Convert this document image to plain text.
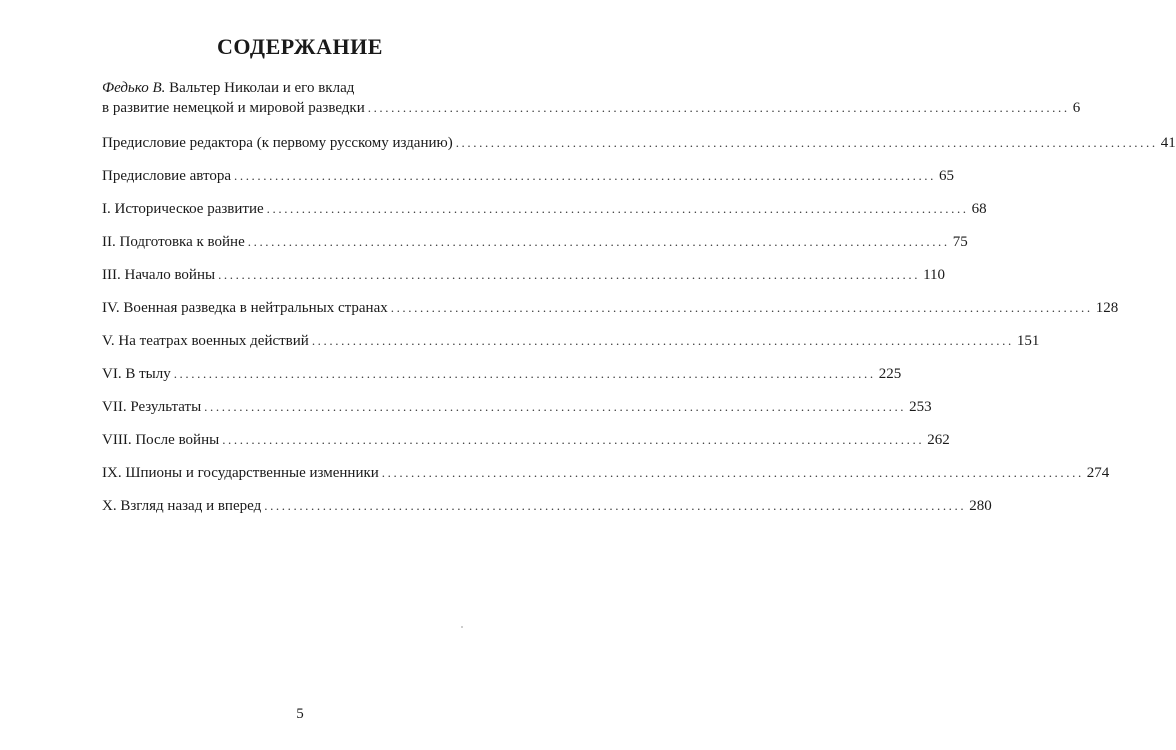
СОДЕРЖАНИЕ
Федько В. Вальтер Николаи и его вклад
в развитие немецкой и мировой разведки ........................................................................................................................ 6
Предисловие редактора (к первому русскому изданию) ........................................................................................................................ 41
Предисловие автора ........................................................................................................................ 65
I. Историческое развитие ........................................................................................................................ 68
II. Подготовка к войне ........................................................................................................................ 75
III. Начало войны ........................................................................................................................ 110
IV. Военная разведка в нейтральных странах ........................................................................................................................ 128
V. На театрах военных действий ........................................................................................................................ 151
VI. В тылу ........................................................................................................................ 225
VII. Результаты ........................................................................................................................ 253
VIII. После войны ........................................................................................................................ 262
IX. Шпионы и государственные изменники ........................................................................................................................ 274
X. Взгляд назад и вперед ........................................................................................................................ 280
5
